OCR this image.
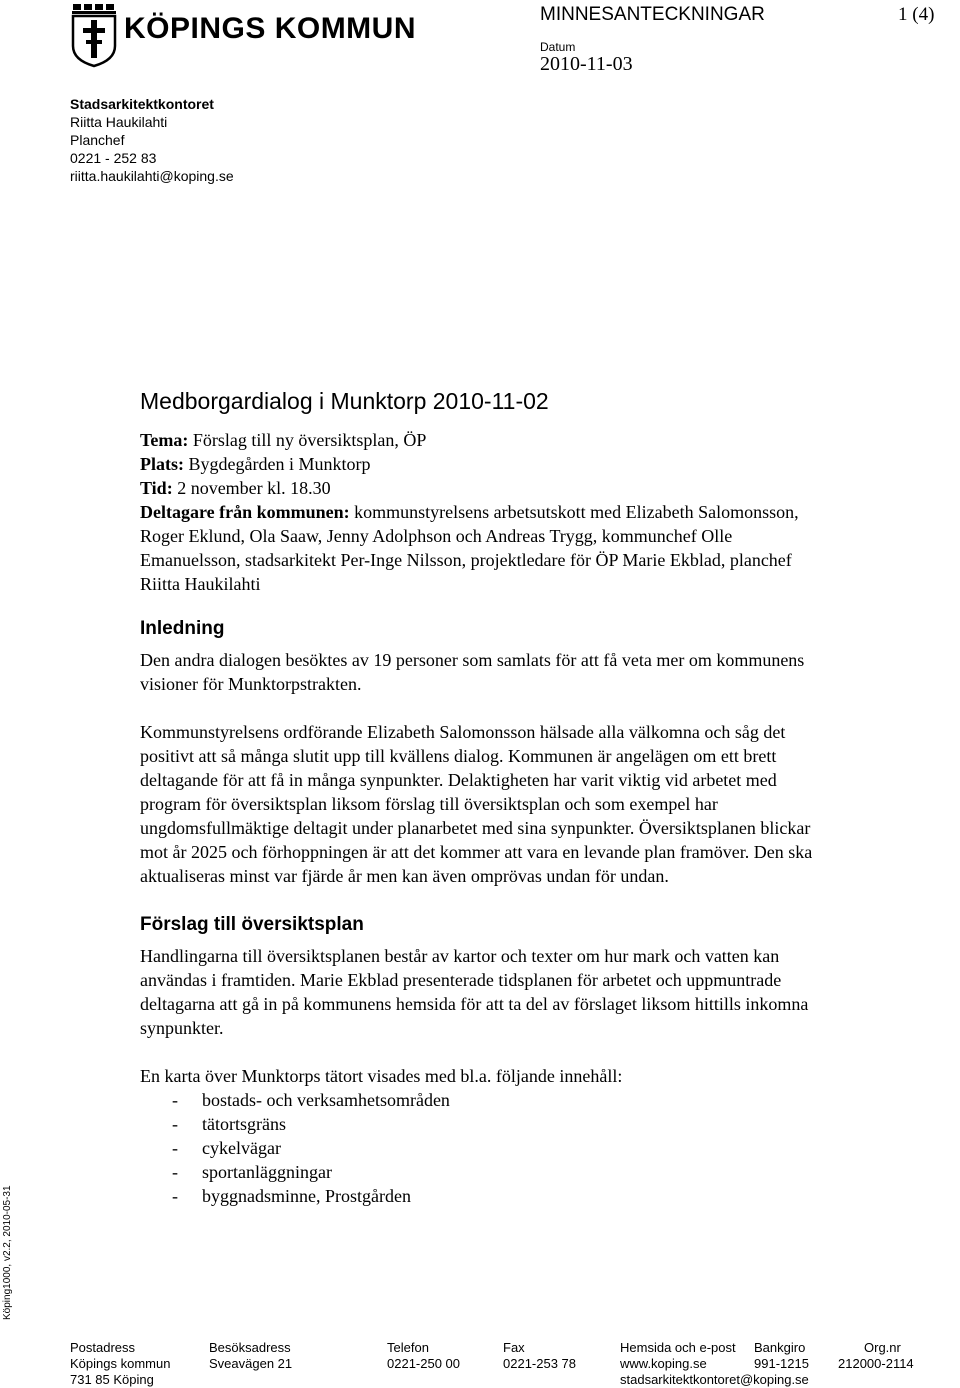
KÖPINGS KOMMUN	MINNESANTECKNINGAR	1 (4)
Datum
2010-11-03
Stadsarkitektkontoret
Riitta Haukilahti
Planchef
0221 - 252 83
riitta.haukilahti@koping.se
Medborgardialog i Munktorp 2010-11-02

Tema: Förslag till ny översiktsplan, ÖP

Plats: Bygdegården i Munktorp

Tid: 2 november kl. 18.30

Deltagare från kommunen: kommunstyrelsens arbetsutskott med Elizabeth Salomonsson, Roger Eklund, Ola Saaw, Jenny Adolphson och Andreas Trygg, kommunchef Olle Emanuelsson, stadsarkitekt Per-Inge Nilsson, projektledare för ÖP Marie Ekblad, planchef Riitta Haukilahti

Inledning

Den andra dialogen besöktes av 19 personer som samlats för att få veta mer om kommunens visioner för Munktorpstrakten.

Kommunstyrelsens ordförande Elizabeth Salomonsson hälsade alla välkomna och såg det positivt att så många slutit upp till kvällens dialog. Kommunen är angelägen om ett brett deltagande för att få in många synpunkter. Delaktigheten har varit viktig vid arbetet med program för översiktsplan liksom förslag till översiktsplan och som exempel har ungdomsfullmäktige deltagit under planarbetet med sina synpunkter. Översiktsplanen blickar mot år 2025 och förhoppningen är att det kommer att vara en levande plan framöver. Den ska aktualiseras minst var fjärde år men kan även omprövas undan för undan.

Förslag till översiktsplan

Handlingarna till översiktsplanen består av kartor och texter om hur mark och vatten kan användas i framtiden. Marie Ekblad presenterade tidsplanen för arbetet och uppmuntrade deltagarna att gå in på kommunens hemsida för att ta del av förslaget liksom hittills inkomna synpunkter.

En karta över Munktorps tätort visades med bl.a. följande innehåll:

- bostads- och verksamhetsområden
- tätortsgräns
- cykelvägar
- sportanläggningar
- byggnadsminne, Prostgården
Köping1000, v2.2, 2010-05-31
Postadress
Köpings kommun
731 85 Köping
Besöksadress
Sveavägen 21
Telefon
0221-250 00
Fax
0221-253 78
Hemsida och e-post
www.koping.se
stadsarkitektkontoret@koping.se
Bankgiro
991-1215
Org.nr
212000-2114
